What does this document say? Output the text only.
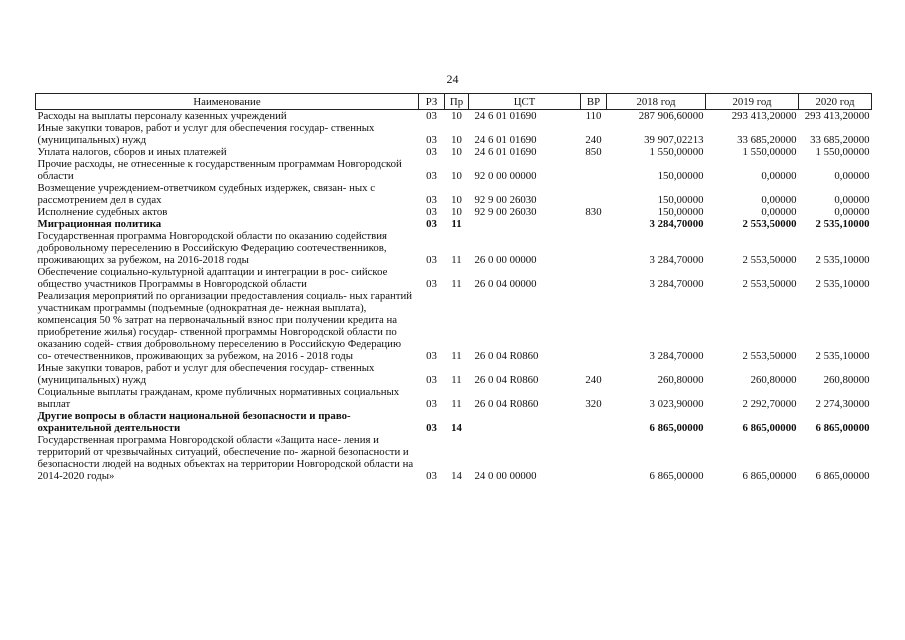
24
Наименование	РЗ	Пр	ЦСТ	ВР	2018 год	2019 год	2020 год
Расходы на выплаты персоналу казенных учреждений	03	10	24 6 01 01690	110	287 906,60000	293 413,20000	293 413,20000
Иные закупки товаров, работ и услуг для обеспечения государ- ственных (муниципальных) нужд	03	10	24 6 01 01690	240	39 907,02213	33 685,20000	33 685,20000
Уплата налогов, сборов и иных платежей	03	10	24 6 01 01690	850	1 550,00000	1 550,00000	1 550,00000
Прочие расходы, не отнесенные к государственным программам Новгородской области	03	10	92 0 00 00000		150,00000	0,00000	0,00000
Возмещение учреждением-ответчиком судебных издержек, связан- ных с рассмотрением дел в судах	03	10	92 9 00 26030		150,00000	0,00000	0,00000
Исполнение судебных актов	03	10	92 9 00 26030	830	150,00000	0,00000	0,00000
Миграционная политика	03	11			3 284,70000	2 553,50000	2 535,10000
Государственная программа Новгородской области по оказанию содействия добровольному переселению в Российскую Федерацию соотечественников, проживающих за рубежом, на 2016-2018 годы	03	11	26 0 00 00000		3 284,70000	2 553,50000	2 535,10000
Обеспечение социально-культурной адаптации и интеграции в рос- сийское общество участников Программы в Новгородской области	03	11	26 0 04 00000		3 284,70000	2 553,50000	2 535,10000
Реализация мероприятий по организации предоставления социаль- ных гарантий участникам программы (подъемные (однократная де- нежная выплата), компенсация 50 % затрат на первоначальный взнос при получении кредита на приобретение жилья) государ- ственной программы Новгородской области по оказанию содей- ствия добровольному переселению в Российскую Федерацию со- отечественников, проживающих за рубежом, на 2016 - 2018 годы	03	11	26 0 04 R0860		3 284,70000	2 553,50000	2 535,10000
Иные закупки товаров, работ и услуг для обеспечения государ- ственных (муниципальных) нужд	03	11	26 0 04 R0860	240	260,80000	260,80000	260,80000
Социальные выплаты гражданам, кроме публичных нормативных социальных выплат	03	11	26 0 04 R0860	320	3 023,90000	2 292,70000	2 274,30000
Другие вопросы в области национальной безопасности и право- охранительной деятельности	03	14			6 865,00000	6 865,00000	6 865,00000
Государственная программа Новгородской области «Защита насе- ления и территорий от чрезвычайных ситуаций, обеспечение по- жарной безопасности и безопасности людей на водных объектах на территории Новгородской области на 2014-2020 годы»	03	14	24 0 00 00000		6 865,00000	6 865,00000	6 865,00000
